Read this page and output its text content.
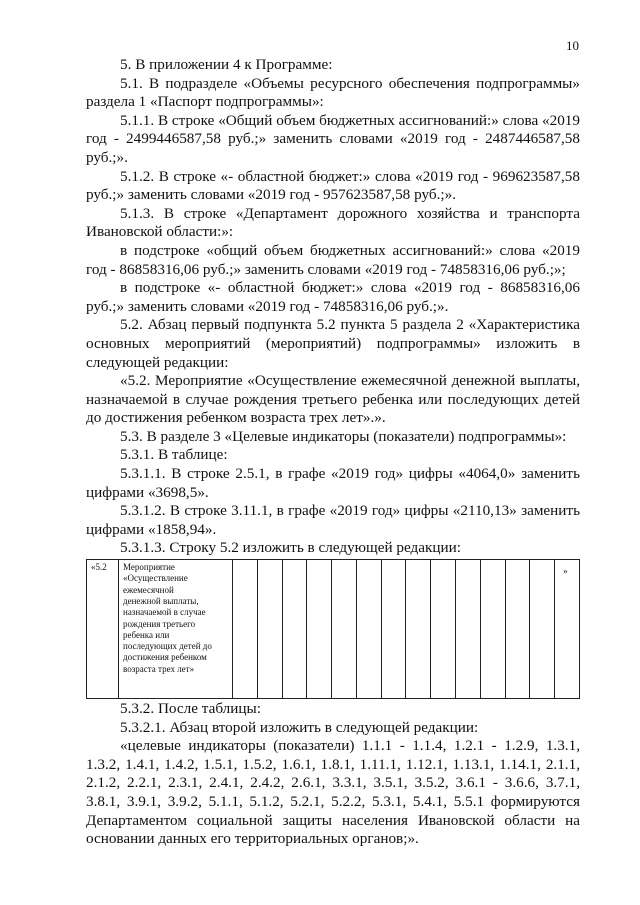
10

5. В приложении 4 к Программе:

5.1. В подразделе «Объемы ресурсного обеспечения подпрограммы» раздела 1 «Паспорт подпрограммы»:

5.1.1. В строке «Общий объем бюджетных ассигнований:» слова «2019 год - 2499446587,58 руб.;» заменить словами «2019 год - 2487446587,58 руб.;».

5.1.2. В строке «- областной бюджет:» слова «2019 год - 969623587,58 руб.;» заменить словами «2019 год - 957623587,58 руб.;».

5.1.3. В строке «Департамент дорожного хозяйства и транспорта Ивановской области:»:

в подстроке «общий объем бюджетных ассигнований:» слова «2019 год - 86858316,06 руб.;» заменить словами «2019 год - 74858316,06 руб.;»;

в подстроке «- областной бюджет:» слова «2019 год - 86858316,06 руб.;» заменить словами «2019 год - 74858316,06 руб.;».

5.2. Абзац первый подпункта 5.2 пункта 5 раздела 2 «Характеристика основных мероприятий (мероприятий) подпрограммы» изложить в следующей редакции:

«5.2. Мероприятие «Осуществление ежемесячной денежной выплаты, назначаемой в случае рождения третьего ребенка или последующих детей до достижения ребенком возраста трех лет».».

5.3. В разделе 3 «Целевые индикаторы (показатели) подпрограммы»:

5.3.1. В таблице:

5.3.1.1. В строке 2.5.1, в графе «2019 год» цифры «4064,0» заменить цифрами «3698,5».

5.3.1.2. В строке 3.11.1, в графе «2019 год» цифры «2110,13» заменить цифрами «1858,94».

5.3.1.3. Строку 5.2 изложить в следующей редакции:

«5.2	Мероприятие
«Осуществление
ежемесячной
денежной выплаты,
назначаемой в случае
рождения третьего
ребенка или
последующих детей до
достижения ребенком
возраста трех лет»
														»

5.3.2. После таблицы:

5.3.2.1. Абзац второй изложить в следующей редакции:

«целевые индикаторы (показатели) 1.1.1 - 1.1.4, 1.2.1 - 1.2.9, 1.3.1, 1.3.2, 1.4.1, 1.4.2, 1.5.1, 1.5.2, 1.6.1, 1.8.1, 1.11.1, 1.12.1, 1.13.1, 1.14.1, 2.1.1, 2.1.2, 2.2.1, 2.3.1, 2.4.1, 2.4.2, 2.6.1, 3.3.1, 3.5.1, 3.5.2, 3.6.1 - 3.6.6, 3.7.1, 3.8.1, 3.9.1, 3.9.2, 5.1.1, 5.1.2, 5.2.1, 5.2.2, 5.3.1, 5.4.1, 5.5.1 формируются Департаментом социальной защиты населения Ивановской области на основании данных его территориальных органов;».
